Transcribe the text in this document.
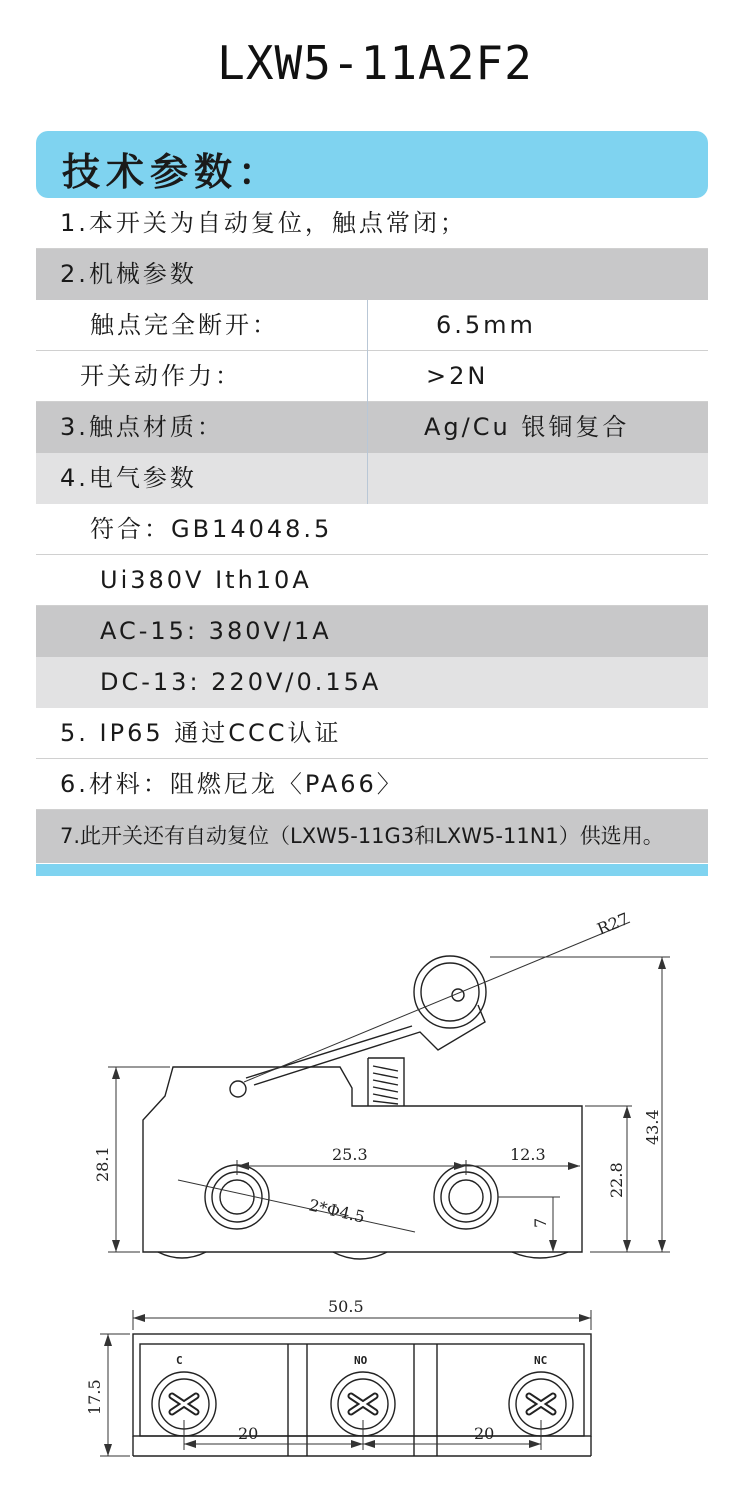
LXW5-11A2F2
技术参数：
1.本开关为自动复位，触点常闭；
2.机械参数
触点完全断开：	6.5mm
开关动作力：	>2N
3.触点材质：	Ag/Cu 银铜复合
4.电气参数
符合：GB14048.5
Ui380V Ith10A
AC-15: 380V/1A
DC-13: 220V/0.15A
5. IP65 通过CCC认证
6.材料：阻燃尼龙〈PA66〉
7.此开关还有自动复位（LXW5-11G3和LXW5-11N1）供选用。
R27
43.4
28.1	22.8
25.3	12.3
7
2*Φ4.5
50.5
17.5
20	20
C	NO	NC
